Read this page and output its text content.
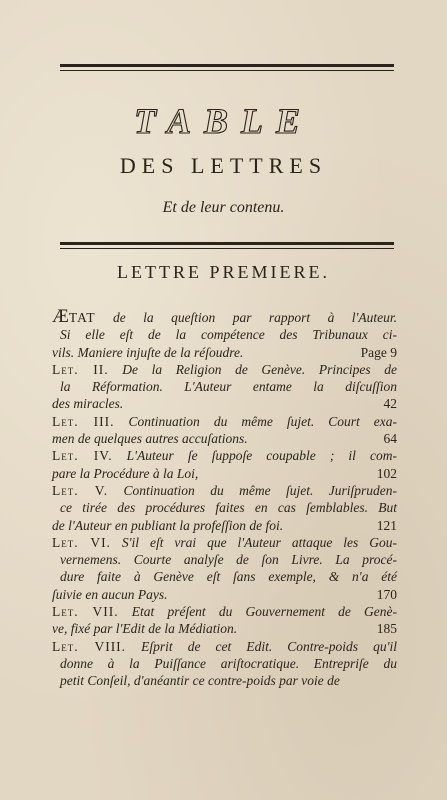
TABLE
DES LETTRES
Et de leur contenu.
LETTRE PREMIERE.
ÆTAT de la queſtion par rapport à l'Auteur.
Si elle eſt de la compétence des Tribunaux ci-
vils. Maniere injuſte de la réſoudre.	Page 9
Let. II. De la Religion de Genève. Principes de
la Réformation. L'Auteur entame la diſcuſſion
des miracles.	42
Let. III. Continuation du même ſujet. Court exa-
men de quelques autres accuſations.	64
Let. IV. L'Auteur ſe ſuppoſe coupable ; il com-
pare la Procédure à la Loi,	102
Let. V. Continuation du même ſujet. Juriſpruden-
ce tirée des procédures faites en cas ſemblables. But
de l'Auteur en publiant la profeſſion de foi.	121
Let. VI. S'il eſt vrai que l'Auteur attaque les Gou-
vernemens. Courte analyſe de ſon Livre. La procé-
dure faite à Genève eſt ſans exemple, & n'a été
ſuivie en aucun Pays.	170
Let. VII. Etat préſent du Gouvernement de Genè-
ve, fixé par l'Edit de la Médiation.	185
Let. VIII. Eſprit de cet Edit. Contre-poids qu'il
donne à la Puiſſance ariſtocratique. Entrepriſe du
petit Conſeil, d'anéantir ce contre-poids par voie de
